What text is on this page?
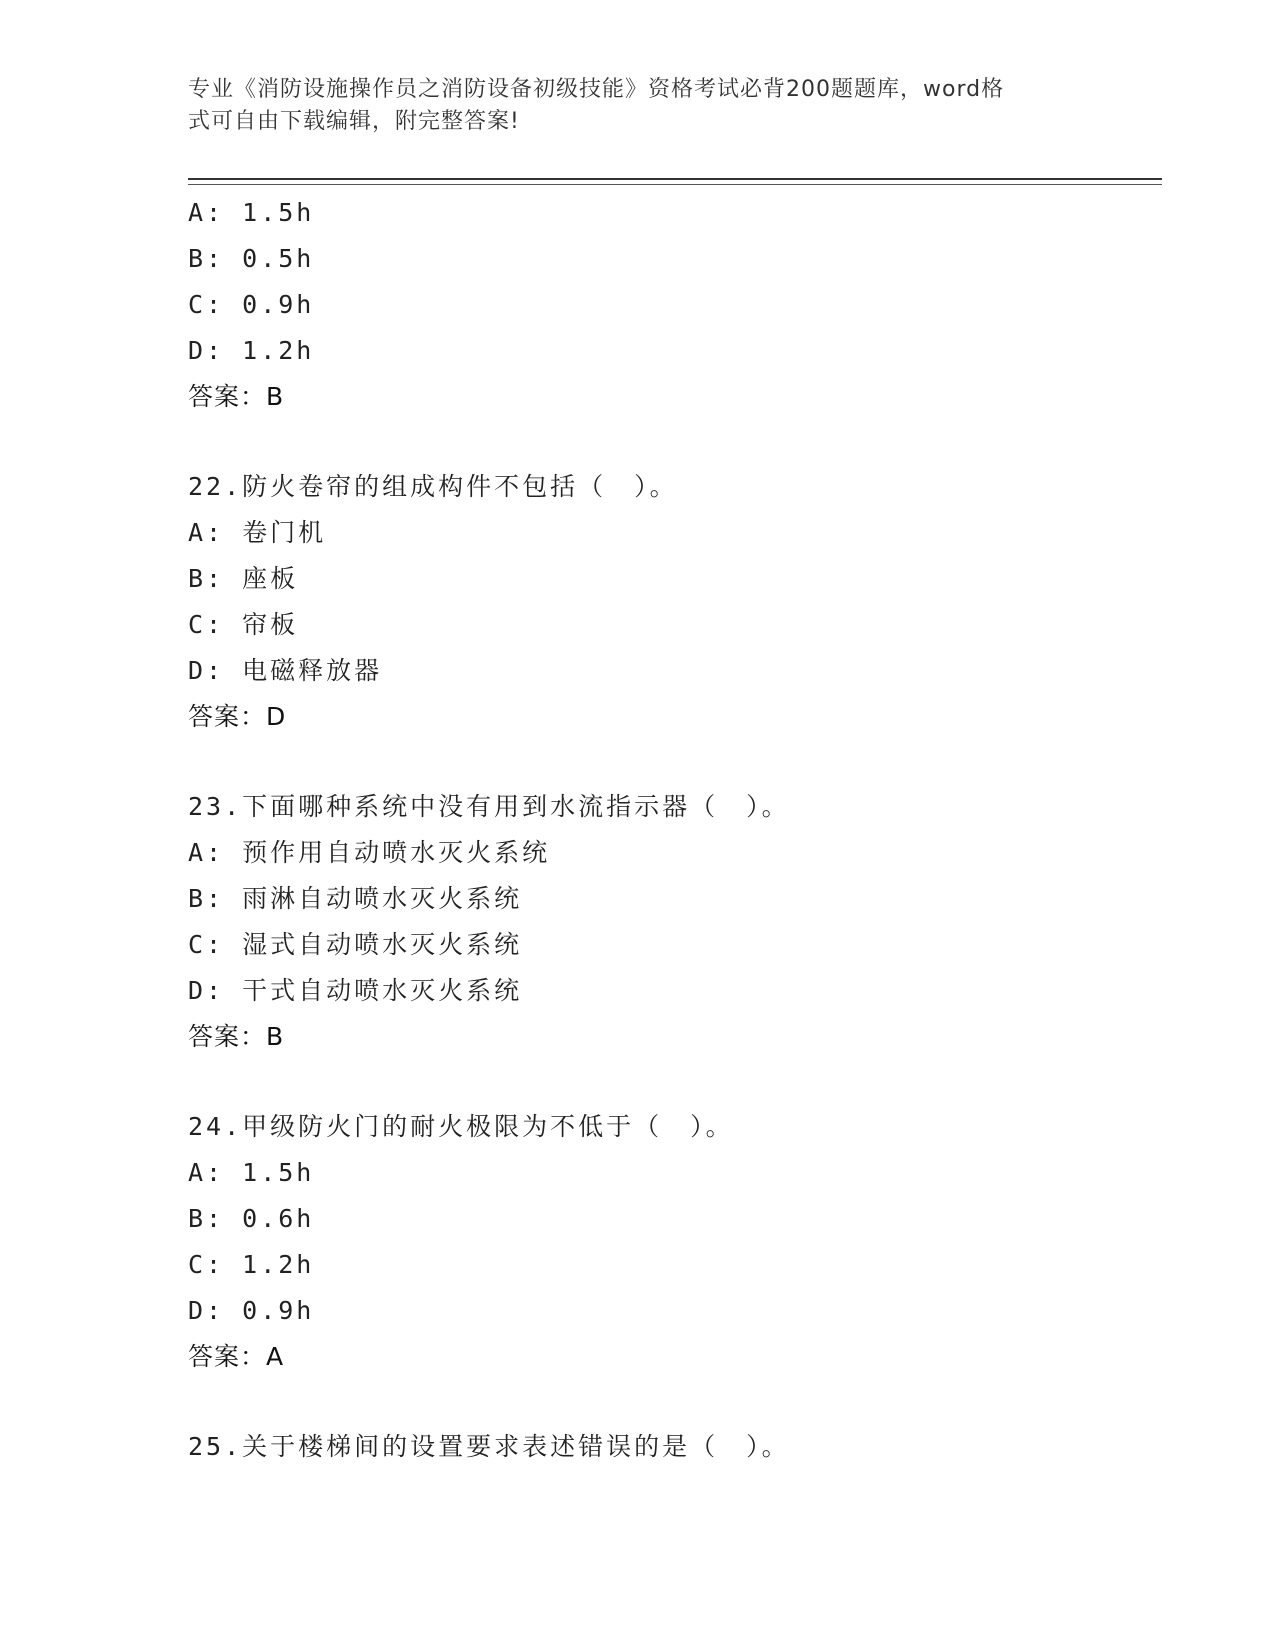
专业《消防设施操作员之消防设备初级技能》资格考试必背200题题库，word格
式可自由下载编辑，附完整答案!
A: 1.5h
B: 0.5h
C: 0.9h
D: 1.2h
答案：B
22.防火卷帘的组成构件不包括（　）。
A: 卷门机
B: 座板
C: 帘板
D: 电磁释放器
答案：D
23.下面哪种系统中没有用到水流指示器（　）。
A: 预作用自动喷水灭火系统
B: 雨淋自动喷水灭火系统
C: 湿式自动喷水灭火系统
D: 干式自动喷水灭火系统
答案：B
24.甲级防火门的耐火极限为不低于（　）。
A: 1.5h
B: 0.6h
C: 1.2h
D: 0.9h
答案：A
25.关于楼梯间的设置要求表述错误的是（　）。
